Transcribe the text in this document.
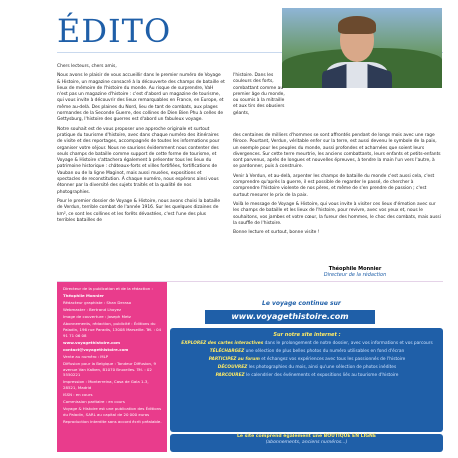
ÉDITO

Chers lecteurs, chers amis,

Nous avons le plaisir de vous accueillir dans le premier numéro de Voyage & Histoire, un magazine consacré à la découverte des champs de bataille et lieux de mémoire de l'histoire du monde. Au risque de surprendre, VaH n'est pas un magazine d'histoire : c'est d'abord un magazine de tourisme, qui vous invite à découvrir des lieux remarquables en France, en Europe, et même au-delà. Des plaines du Nord, lieu de tant de combats, aux plages normandes de la Seconde Guerre, des collines de Dien Bien Phu à celles de Gettysburg, l'histoire des guerres est d'abord un fabuleux voyage.

Notre souhait est de vous proposer une approche originale et surtout pratique du tourisme d'histoire, avec dans chaque numéro des itinéraires de visite et des reportages, accompagnés de toutes les informations pour organiser votre séjour. Nous ne saurions évidemment nous contenter des seuls champs de bataille comme support de cette forme de tourisme, et Voyage & Histoire s'attachera également à présenter tous les lieux du patrimoine historique : châteaux-forts et villes fortifiées, fortifications de Vauban ou de la ligne Maginot, mais aussi musées, expositions et spectacles de reconstitution. À chaque numéro, nous espérons ainsi vous étonner par la diversité des sujets traités et la qualité de nos photographies.

Pour le premier dossier de Voyage & Histoire, nous avons choisi la bataille de Verdun, terrible combat de l'année 1916. Sur les quelques dizaines de km², ce sont les collines et les forêts dévastées, c'est l'une des plus terribles batailles de

l'histoire. Dans les couleurs des forts, combattant comme au premier âge du monde, ou soumis à la mitraille et aux tirs des obusiers géants,

des centaines de milliers d'hommes se sont affrontés pendant de longs mois avec une rage féroce. Pourtant, Verdun, véritable enfer sur la terre, est aussi devenu le symbole de la paix, un exemple pour les peuples du monde, aussi profondes et acharnées que soient leurs divergences. Sur cette terre meurtrie, les anciens combattants, leurs enfants et petits-enfants sont parvenus, après de longues et nouvelles épreuves, à tendre la main l'un vers l'autre, à se pardonner, puis à construire.

Venir à Verdun, et au-delà, arpenter les champs de bataille du monde c'est aussi cela, c'est comprendre qu'après la guerre, il est possible de regarder le passé, de chercher à comprendre l'histoire violente de nos pères, et même de s'en prendre de passion ; c'est surtout mesurer le prix de la paix.

Voilà le message de Voyage & Histoire, qui vous invite à visiter ces lieux d'émotion avec sur les champs de bataille et les lieux de l'histoire, pour revivre, avec vos yeux et, nous le souhaitons, vos jambes et votre cœur, la fureur des hommes, le choc des combats, mais aussi la souffle de l'histoire.

Bonne lecture et surtout, bonne visite !

Théophile Monnier
Directeur de la rédaction

Directeur de la publication et de la rédaction :

Théophile Monnier

Rédacteur graphiste : Shan Deraso

Webmaster : Bertrand Lhoyez

Image de couverture : Joseph Metz

Abonnements, rédaction, publicité : Éditions du Paladin, 196 rue Paradis, 13008 Marseille. Tél. : 04 91 71 06 08

www.voyagethistoire.com

contact@voyagethistoire.com

Vente au numéro : MLP

Diffusion pour la Belgique : Tondeur Diffusion, 9 avenue Van Kalken, B1070 Bruxelles. Tél. : 02 5550221

Impression : Monterreina, Casa de Gala 1-3, 28521, Madrid

ISSN : en cours

Commission paritaire : en cours

Voyage & Histoire est une publication des Éditions du Paladin, SARL au capital de 20 000 euros

Reproduction interdite sans accord écrit préalable.

Le voyage continue sur
www.voyagethistoire.com
Sur notre site internet :

EXPLOREZ des cartes interactives dans le prolongement de notre dossier, avec vos informations et vos parcours

TÉLÉCHARGEZ une sélection de plus belles photos du numéro utilisables en fond d'écran

PARTICIPEZ au forum et échangez vos expériences avec tous les passionnés de l'histoire

DÉCOUVREZ les photographies du mois, ainsi qu'une sélection de photos inédites

PARCOUREZ le calendrier des événements et expositions liés au tourisme d'histoire

Le site comprend également une BOUTIQUE EN LIGNE
(abonnements, anciens numéros...)
